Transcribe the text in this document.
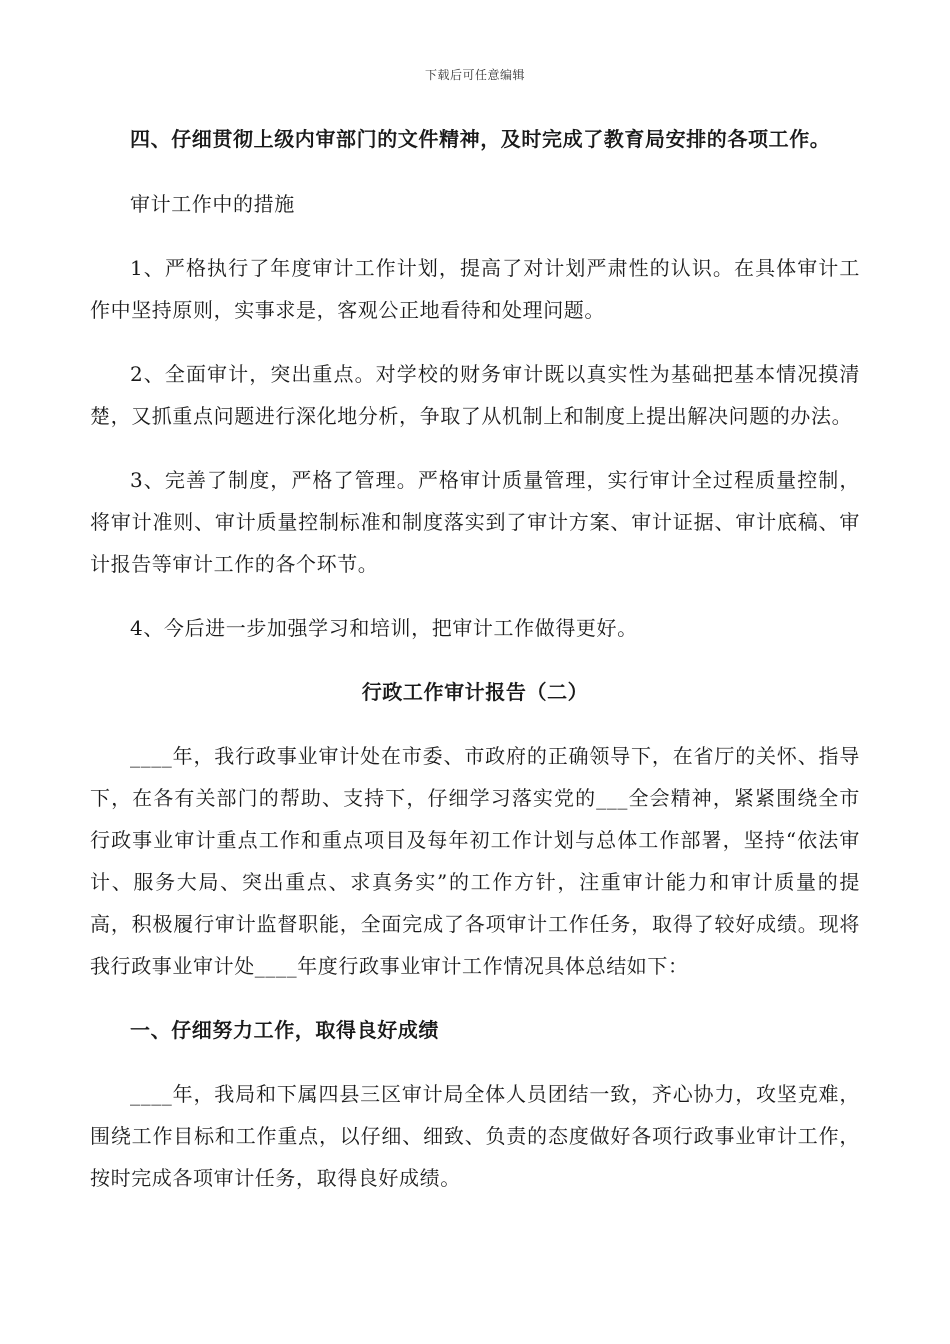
下载后可任意编辑

四、仔细贯彻上级内审部门的文件精神，及时完成了教育局安排的各项工作。

审计工作中的措施

1、严格执行了年度审计工作计划，提高了对计划严肃性的认识。在具体审计工作中坚持原则，实事求是，客观公正地看待和处理问题。

2、全面审计，突出重点。对学校的财务审计既以真实性为基础把基本情况摸清楚，又抓重点问题进行深化地分析，争取了从机制上和制度上提出解决问题的办法。

3、完善了制度，严格了管理。严格审计质量管理，实行审计全过程质量控制，将审计准则、审计质量控制标准和制度落实到了审计方案、审计证据、审计底稿、审计报告等审计工作的各个环节。

4、今后进一步加强学习和培训，把审计工作做得更好。

行政工作审计报告（二）

____年，我行政事业审计处在市委、市政府的正确领导下，在省厅的关怀、指导下，在各有关部门的帮助、支持下，仔细学习落实党的___全会精神，紧紧围绕全市行政事业审计重点工作和重点项目及每年初工作计划与总体工作部署，坚持“依法审计、服务大局、突出重点、求真务实”的工作方针，注重审计能力和审计质量的提高，积极履行审计监督职能，全面完成了各项审计工作任务，取得了较好成绩。现将我行政事业审计处____年度行政事业审计工作情况具体总结如下：

一、仔细努力工作，取得良好成绩

____年，我局和下属四县三区审计局全体人员团结一致，齐心协力，攻坚克难，围绕工作目标和工作重点，以仔细、细致、负责的态度做好各项行政事业审计工作，按时完成各项审计任务，取得良好成绩。
